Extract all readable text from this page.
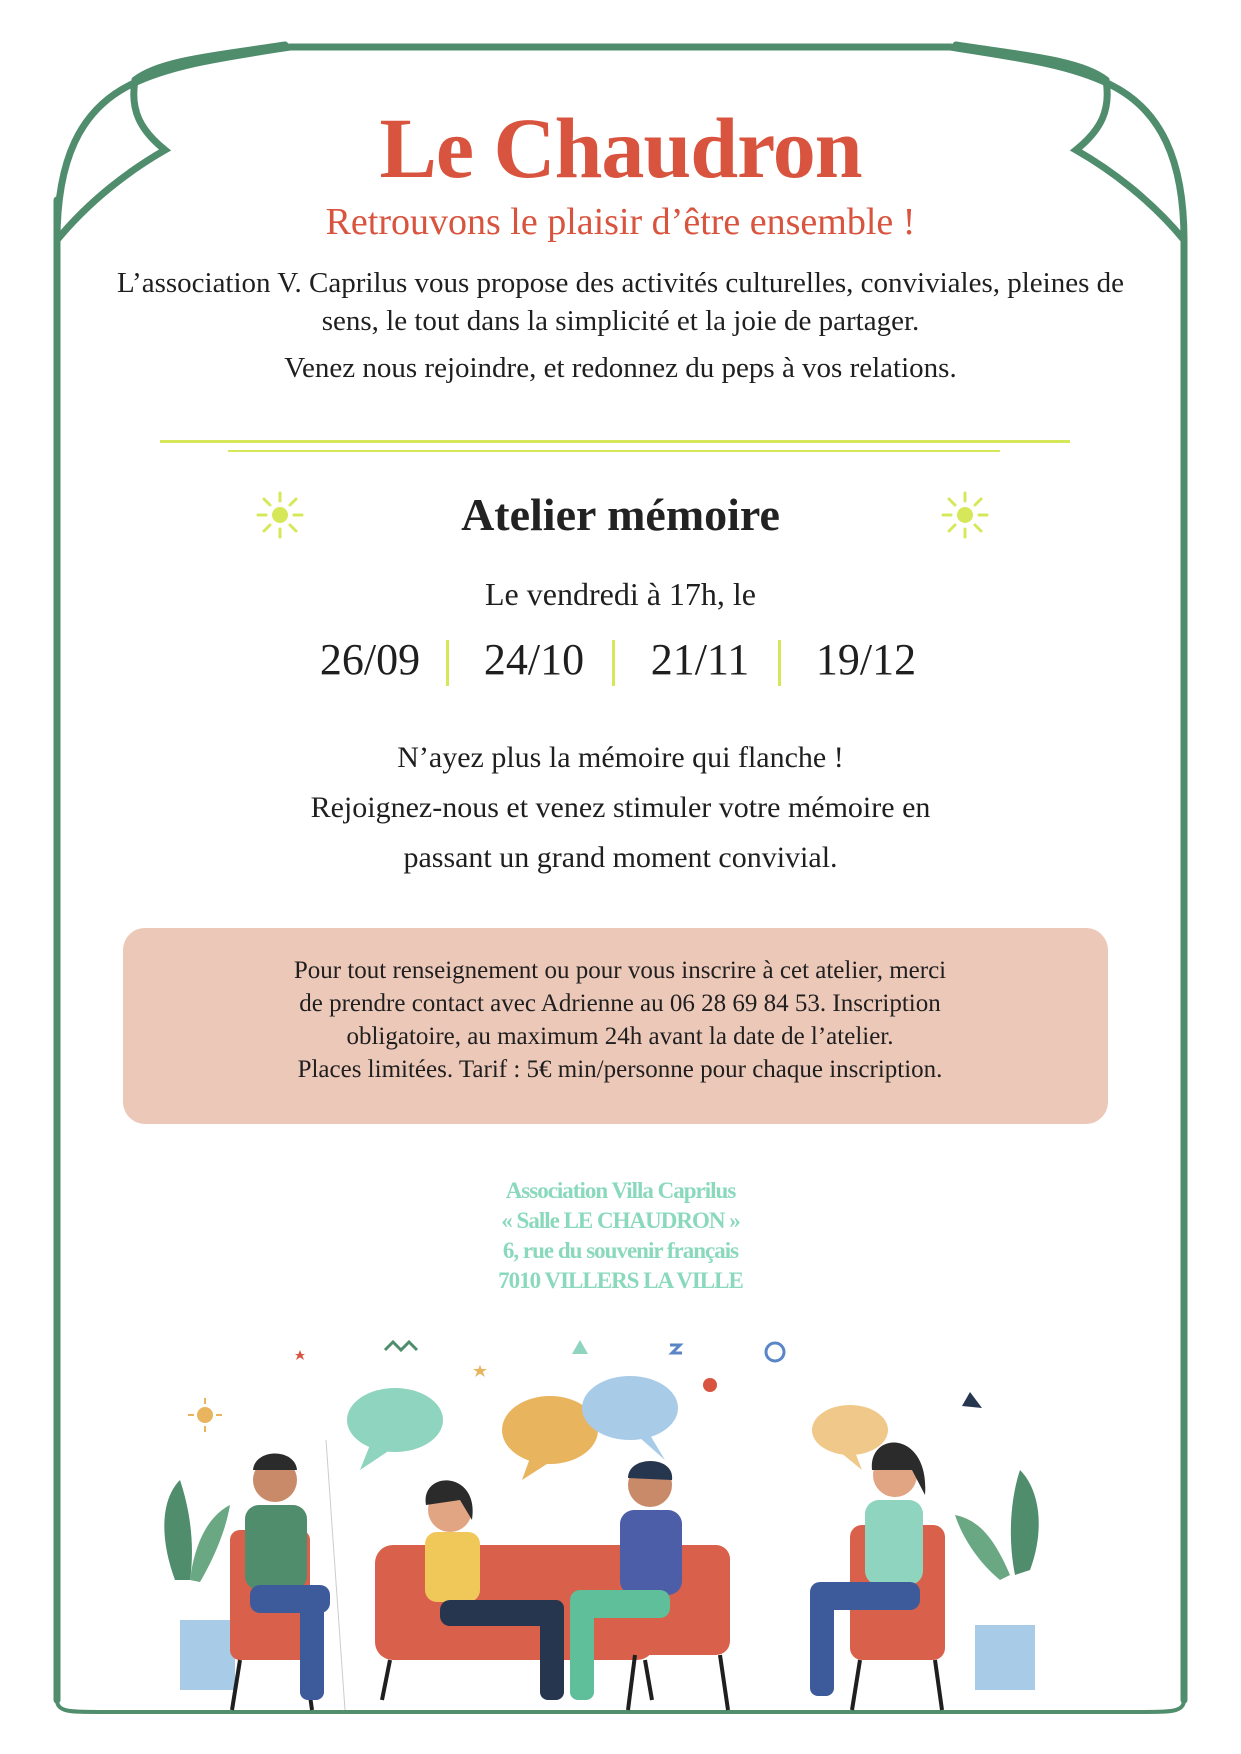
Le Chaudron
Retrouvons le plaisir d’être ensemble !
L’association V. Caprilus vous propose des activités culturelles, conviviales, pleines de sens, le tout dans la simplicité et la joie de partager.
Venez nous rejoindre, et redonnez du peps à vos relations.
Atelier mémoire
Le vendredi à 17h, le
26/09	24/10	21/11	19/12
N’ayez plus la mémoire qui flanche !
Rejoignez-nous et venez stimuler votre mémoire en
passant un grand moment convivial.
Pour tout renseignement ou pour vous inscrire à cet atelier, merci
de prendre contact avec Adrienne au 06 28 69 84 53. Inscription
obligatoire, au maximum 24h avant la date de l’atelier.
Places limitées. Tarif : 5€ min/personne pour chaque inscription.
Association Villa Caprilus
« Salle LE CHAUDRON »
6, rue du souvenir français
7010 VILLERS LA VILLE
